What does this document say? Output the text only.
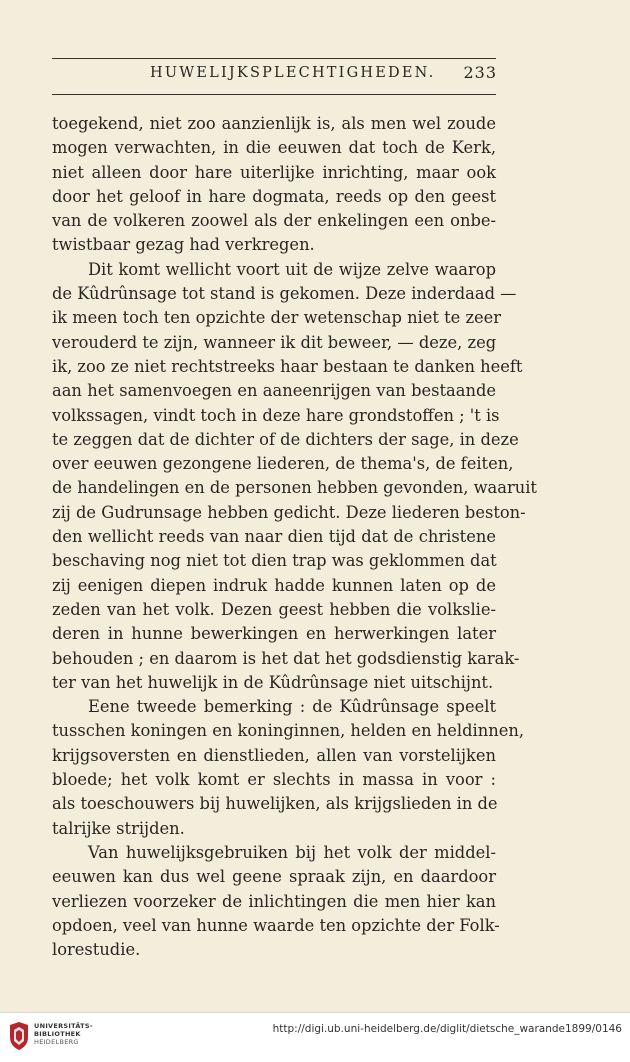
HUWELIJKSPLECHTIGHEDEN. 233
toegekend, niet zoo aanzienlijk is, als men wel zoude
mogen verwachten, in die eeuwen dat toch de Kerk,
niet alleen door hare uiterlijke inrichting, maar ook
door het geloof in hare dogmata, reeds op den geest
van de volkeren zoowel als der enkelingen een onbe-
twistbaar gezag had verkregen.
Dit komt wellicht voort uit de wijze zelve waarop
de Kûdrûnsage tot stand is gekomen. Deze inderdaad —
ik meen toch ten opzichte der wetenschap niet te zeer
verouderd te zijn, wanneer ik dit beweer, — deze, zeg
ik, zoo ze niet rechtstreeks haar bestaan te danken heeft
aan het samenvoegen en aaneenrijgen van bestaande
volkssagen, vindt toch in deze hare grondstoffen ; 't is
te zeggen dat de dichter of de dichters der sage, in deze
over eeuwen gezongene liederen, de thema's, de feiten,
de handelingen en de personen hebben gevonden, waaruit
zij de Gudrunsage hebben gedicht. Deze liederen beston-
den wellicht reeds van naar dien tijd dat de christene
beschaving nog niet tot dien trap was geklommen dat
zij eenigen diepen indruk hadde kunnen laten op de
zeden van het volk. Dezen geest hebben die volkslie-
deren in hunne bewerkingen en herwerkingen later
behouden ; en daarom is het dat het godsdienstig karak-
ter van het huwelijk in de Kûdrûnsage niet uitschijnt.
Eene tweede bemerking : de Kûdrûnsage speelt
tusschen koningen en koninginnen, helden en heldinnen,
krijgsoversten en dienstlieden, allen van vorstelijken
bloede; het volk komt er slechts in massa in voor :
als toeschouwers bij huwelijken, als krijgslieden in de
talrijke strijden.
Van huwelijksgebruiken bij het volk der middel-
eeuwen kan dus wel geene spraak zijn, en daardoor
verliezen voorzeker de inlichtingen die men hier kan
opdoen, veel van hunne waarde ten opzichte der Folk-
lorestudie.
UNIVERSITÄTS-
BIBLIOTHEK
HEIDELBERG
http://digi.ub.uni-heidelberg.de/diglit/dietsche_warande1899/0146
